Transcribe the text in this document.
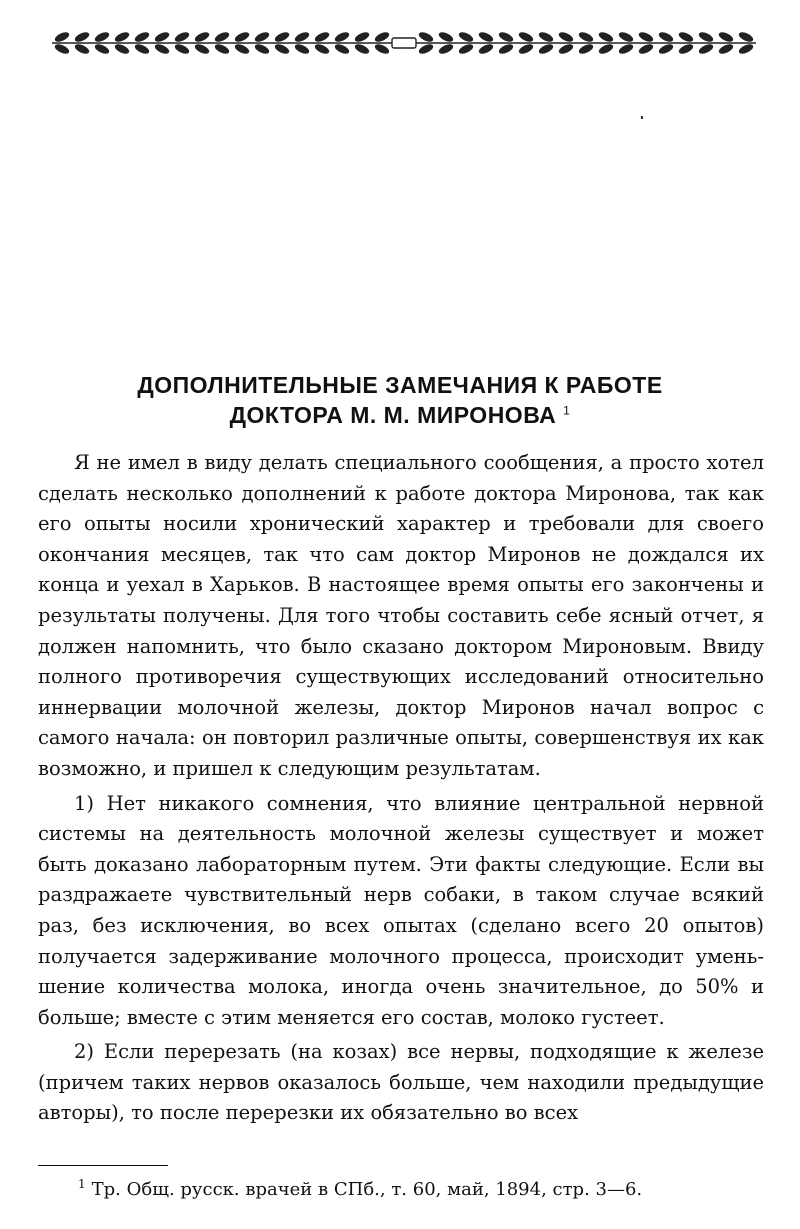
ДОПОЛНИТЕЛЬНЫЕ ЗАМЕЧАНИЯ К РАБОТЕ
ДОКТОРА М. М. МИРОНОВА $^1$

Я не имел в виду делать специального сообщения, а просто хотел сделать несколько дополнений к работе доктора Миронова, так как его опыты носили хронический характер и требовали для своего окончания месяцев, так что сам доктор Миронов не дождался их конца и уехал в Харьков. В настоящее время опыты его закончены и результаты получены. Для того чтобы составить себе ясный отчет, я должен напомнить, что было сказано доктором Мироновым. Ввиду полного противоречия существующих исследований относительно иннервации молочной железы, доктор Миронов начал вопрос с самого начала: он повторил различные опыты, совершенствуя их как возможно, и пришел к следующим результатам.

1) Нет никакого сомнения, что влияние центральной нервной системы на деятельность молочной железы существует и может быть доказано лабораторным путем. Эти факты следующие. Если вы раздражаете чувствительный нерв собаки, в таком случае всякий раз, без исключения, во всех опытах (сделано всего 20 опытов) получается задерживание молочного процесса, происходит уменьшение количества молока, иногда очень значительное, до 50% и больше; вместе с этим меняется его состав, молоко густеет.

2) Если перерезать (на козах) все нервы, подходящие к железе (причем таких нервов оказалось больше, чем находили предыдущие авторы), то после перерезки их обязательно во всех

$^1$ Тр. Общ. русск. врачей в СПб., т. 60, май, 1894, стр. 3—6.
